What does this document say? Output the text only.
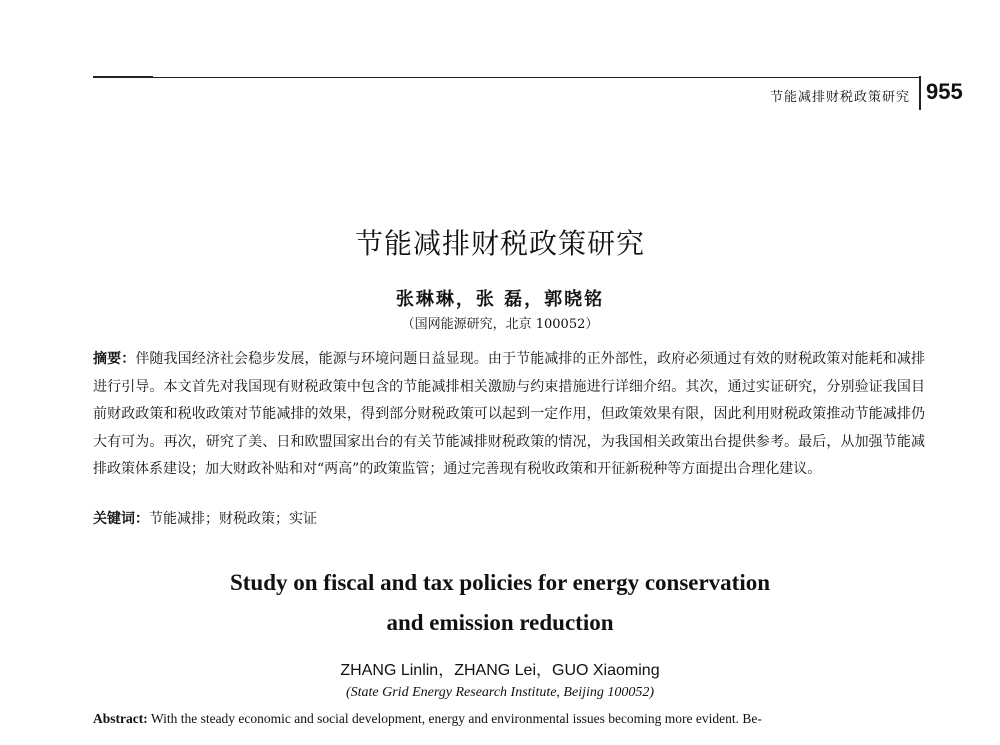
节能减排财税政策研究 955
节能减排财税政策研究
张琳琳，张 磊，郭晓铭
（国网能源研究，北京 100052）
摘要：伴随我国经济社会稳步发展，能源与环境问题日益显现。由于节能减排的正外部性，政府必须通过有效的财税政策对能耗和减排进行引导。本文首先对我国现有财税政策中包含的节能减排相关激励与约束措施进行详细介绍。其次，通过实证研究，分别验证我国目前财政政策和税收政策对节能减排的效果，得到部分财税政策可以起到一定作用，但政策效果有限，因此利用财税政策推动节能减排仍大有可为。再次，研究了美、日和欧盟国家出台的有关节能减排财税政策的情况，为我国相关政策出台提供参考。最后，从加强节能减排政策体系建设；加大财政补贴和对“两高”的政策监管；通过完善现有税收政策和开征新税种等方面提出合理化建议。
关键词：节能减排；财税政策；实证
Study on fiscal and tax policies for energy conservation
and emission reduction
ZHANG Linlin，ZHANG Lei，GUO Xiaoming
(State Grid Energy Research Institute, Beijing 100052)
Abstract: With the steady economic and social development, energy and environmental issues becoming more evident. Be-
